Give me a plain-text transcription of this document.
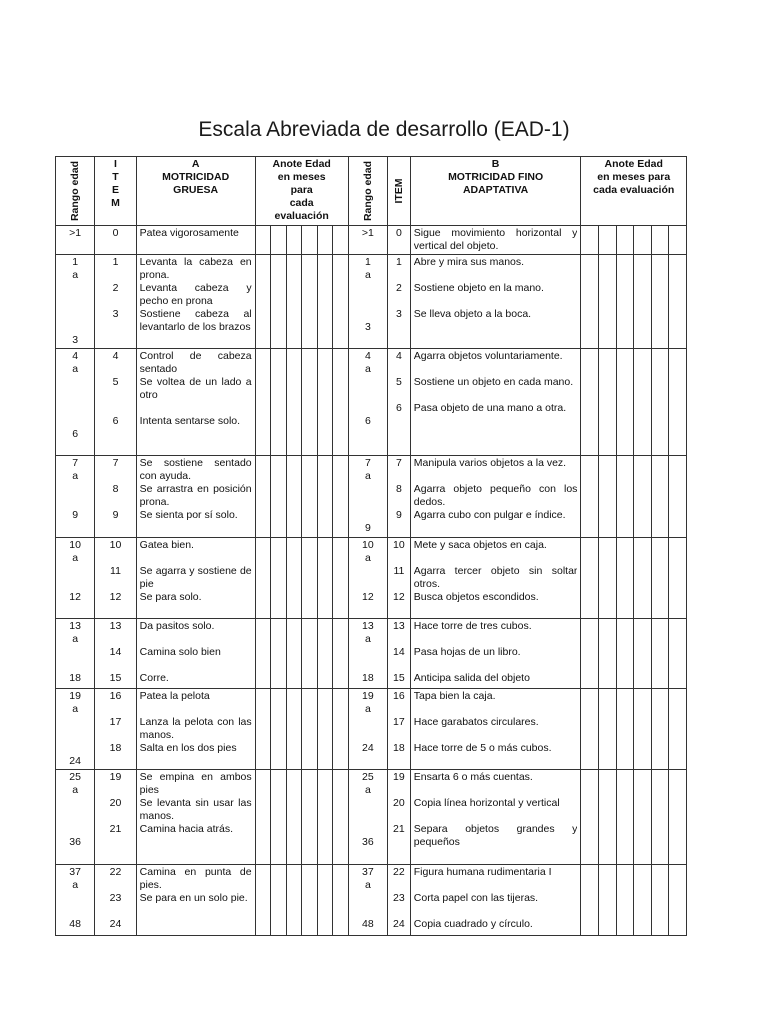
Escala Abreviada de desarrollo (EAD-1)
Rango edad	I
T
E
M	A
MOTRICIDAD
GRUESA	Anote Edad
en meses
para
cada
evaluación						Rango edad	ITEM	B
MOTRICIDAD FINO
ADAPTATIVA	Anote Edad
en meses para
cada evaluación					

>1	0	Patea vigorosamente							>1	0	Sigue movimiento horizontal y vertical del objeto.						

1
a
3	1
2
3	Levanta la cabeza en prona.
Levanta cabeza y pecho en prona
Sostiene cabeza al levantarlo de los brazos							1
a
3	1
2
3	Abre y mira sus manos.
Sostiene objeto en la mano.
Se lleva objeto a la boca.						

4
a
6	4
5
6	Control de cabeza sentado
Se voltea de un lado a otro
Intenta sentarse solo.							4
a
6	4
5
6	Agarra objetos voluntariamente.
Sostiene un objeto en cada mano.
Pasa objeto de una mano a otra.						

7
a
9	7
8
9	Se sostiene sentado con ayuda.
Se arrastra en posición prona.
Se sienta por sí solo.							7
a
9	7
8
9	Manipula varios objetos a la vez.
Agarra objeto pequeño con los dedos.
Agarra cubo con pulgar e índice.						

10
a
12	10
11
12	Gatea bien.
Se agarra y sostiene de pie
Se para solo.							10
a
12	10
11
12	Mete y saca objetos en caja.
Agarra tercer objeto sin soltar otros.
Busca objetos escondidos.						

13
a
18	13
14
15	Da pasitos solo.
Camina solo bien
Corre.							13
a
18	13
14
15	Hace torre de tres cubos.
Pasa hojas de un libro.
Anticipa salida del objeto						

19
a
24	16
17
18	Patea la pelota
Lanza la pelota con las manos.
Salta en los dos pies							19
a
24	16
17
18	Tapa bien la caja.
Hace garabatos circulares.
Hace torre de 5 o más cubos.						

25
a
36	19
20
21	Se empina en ambos pies
Se levanta sin usar las manos.
Camina hacia atrás.							25
a
36	19
20
21	Ensarta 6 o más cuentas.
Copia línea horizontal y vertical
Separa objetos grandes y pequeños						

37
a
48	22
23
24	Camina en punta de pies.
Se para en un solo pie.							37
a
48	22
23
24	Figura humana rudimentaria I
Corta papel con las tijeras.
Copia cuadrado y círculo.						
